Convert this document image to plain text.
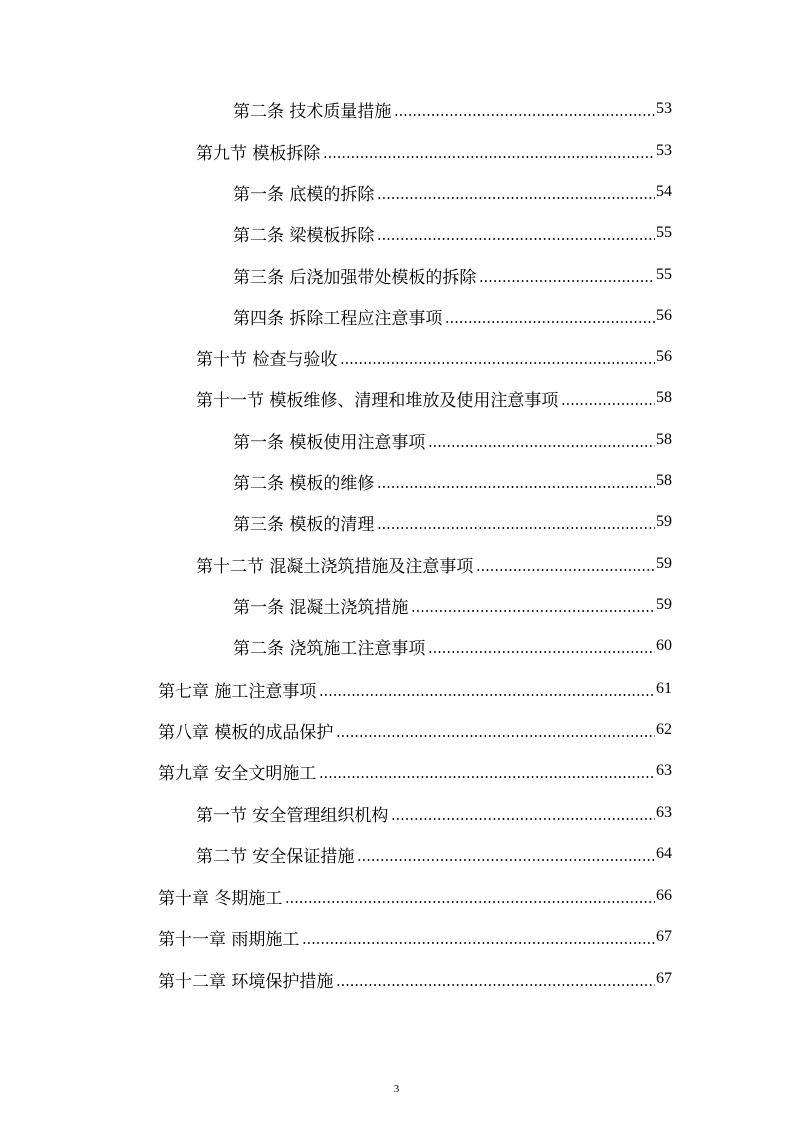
第二条 技术质量措施	53
第九节 模板拆除	53
第一条 底模的拆除	54
第二条 梁模板拆除	55
第三条 后浇加强带处模板的拆除	55
第四条 拆除工程应注意事项	56
第十节 检查与验收	56
第十一节 模板维修、清理和堆放及使用注意事项	58
第一条 模板使用注意事项	58
第二条 模板的维修	58
第三条 模板的清理	59
第十二节 混凝土浇筑措施及注意事项	59
第一条 混凝土浇筑措施	59
第二条 浇筑施工注意事项	60
第七章 施工注意事项	61
第八章 模板的成品保护	62
第九章 安全文明施工	63
第一节 安全管理组织机构	63
第二节 安全保证措施	64
第十章 冬期施工	66
第十一章 雨期施工	67
第十二章 环境保护措施	67
3
